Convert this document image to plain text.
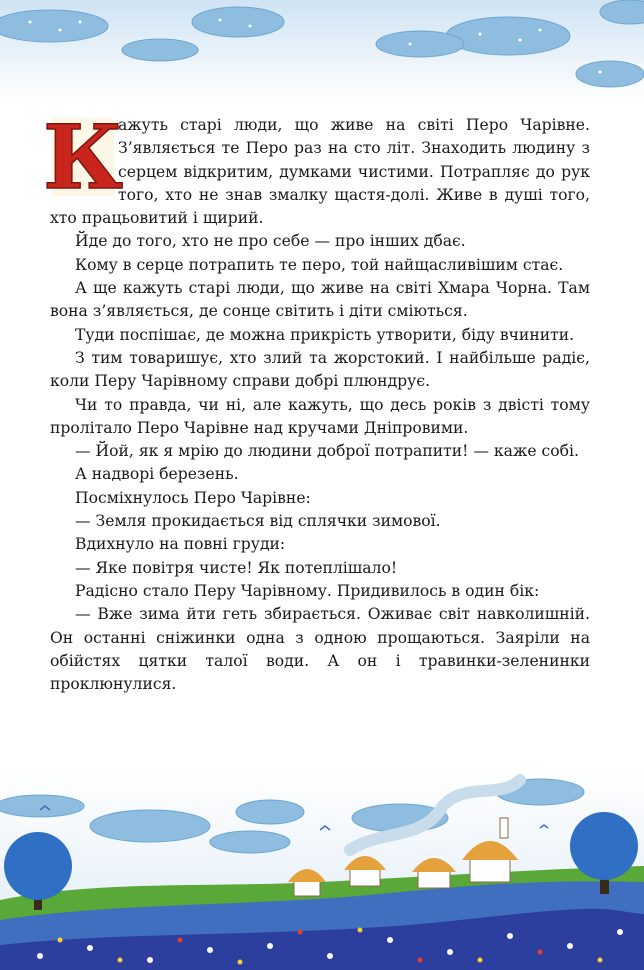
К
ажуть старі люди, що живе на світі Перо Чарівне. З’являється те Перо раз на сто літ. Знаходить людину з серцем відкритим, думками чистими. Потрапляє до рук того, хто не знав змалку щастя-долі. Живе в душі того, хто працьовитий і щирий.

Йде до того, хто не про себе — про інших дбає.

Кому в серце потрапить те перо, той найщасливішим стає.

А ще кажуть старі люди, що живе на світі Хмара Чорна. Там вона з’являється, де сонце світить і діти сміються.

Туди поспішає, де можна прикрість утворити, біду вчинити.

З тим товаришує, хто злий та жорстокий. І найбільше радіє, коли Перу Чарівному справи добрі плюндрує.

Чи то правда, чи ні, але кажуть, що десь років з двісті тому пролітало Перо Чарівне над кручами Дніпровими.

— Йой, як я мрію до людини доброї потрапити! — каже собі.

А надворі березень.

Посміхнулось Перо Чарівне:

— Земля прокидається від сплячки зимової.

Вдихнуло на повні груди:

— Яке повітря чисте! Як потеплішало!

Радісно стало Перу Чарівному. Придивилось в один бік:

— Вже зима йти геть збирається. Оживає світ навколишній. Он останні сніжинки одна з одною прощаються. Заяріли на обійстях цятки талої води. А он і травинки-зеленинки проклюнулися.
